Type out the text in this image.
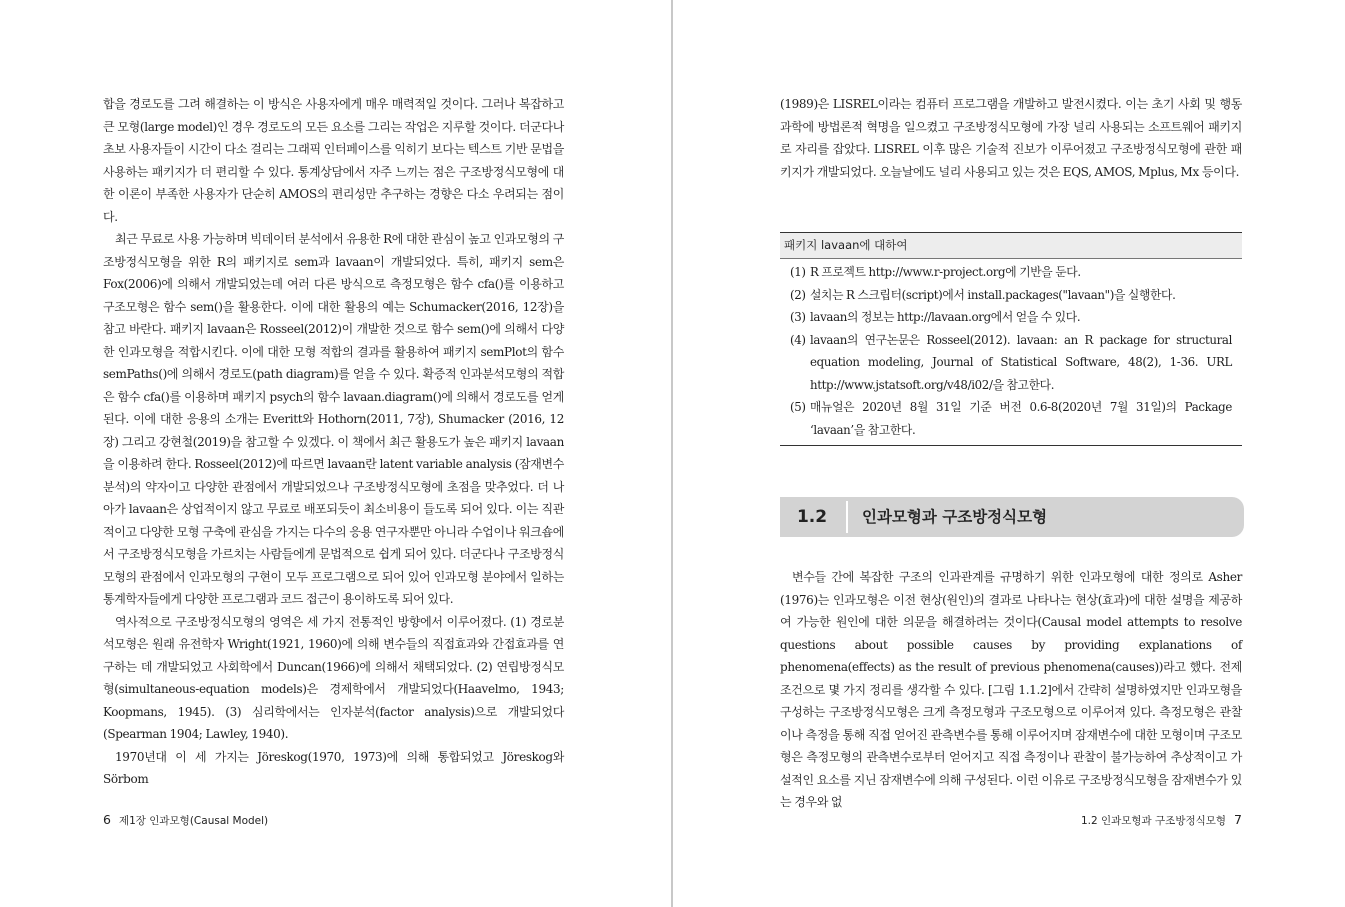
합을 경로도를 그려 해결하는 이 방식은 사용자에게 매우 매력적일 것이다. 그러나 복잡하고 큰 모형(large model)인 경우 경로도의 모든 요소를 그리는 작업은 지루할 것이다. 더군다나 초보 사용자들이 시간이 다소 걸리는 그래픽 인터페이스를 익히기 보다는 텍스트 기반 문법을 사용하는 패키지가 더 편리할 수 있다. 통계상담에서 자주 느끼는 점은 구조방정식모형에 대한 이론이 부족한 사용자가 단순히 AMOS의 편리성만 추구하는 경향은 다소 우려되는 점이다.

최근 무료로 사용 가능하며 빅데이터 분석에서 유용한 R에 대한 관심이 높고 인과모형의 구조방정식모형을 위한 R의 패키지로 sem과 lavaan이 개발되었다. 특히, 패키지 sem은 Fox(2006)에 의해서 개발되었는데 여러 다른 방식으로 측정모형은 함수 cfa()를 이용하고 구조모형은 함수 sem()을 활용한다. 이에 대한 활용의 예는 Schumacker(2016, 12장)을 참고 바란다. 패키지 lavaan은 Rosseel(2012)이 개발한 것으로 함수 sem()에 의해서 다양한 인과모형을 적합시킨다. 이에 대한 모형 적합의 결과를 활용하여 패키지 semPlot의 함수 semPaths()에 의해서 경로도(path diagram)를 얻을 수 있다. 확증적 인과분석모형의 적합은 함수 cfa()를 이용하며 패키지 psych의 함수 lavaan.diagram()에 의해서 경로도를 얻게 된다. 이에 대한 응용의 소개는 Everitt와 Hothorn(2011, 7장), Shumacker (2016, 12장) 그리고 강현철(2019)을 참고할 수 있겠다. 이 책에서 최근 활용도가 높은 패키지 lavaan을 이용하려 한다. Rosseel(2012)에 따르면 lavaan란 latent variable analysis (잠재변수 분석)의 약자이고 다양한 관점에서 개발되었으나 구조방정식모형에 초점을 맞추었다. 더 나아가 lavaan은 상업적이지 않고 무료로 배포되듯이 최소비용이 들도록 되어 있다. 이는 직관적이고 다양한 모형 구축에 관심을 가지는 다수의 응용 연구자뿐만 아니라 수업이나 워크숍에서 구조방정식모형을 가르치는 사람들에게 문법적으로 쉽게 되어 있다. 더군다나 구조방정식모형의 관점에서 인과모형의 구현이 모두 프로그램으로 되어 있어 인과모형 분야에서 일하는 통계학자들에게 다양한 프로그램과 코드 접근이 용이하도록 되어 있다.

역사적으로 구조방정식모형의 영역은 세 가지 전통적인 방향에서 이루어졌다. (1) 경로분석모형은 원래 유전학자 Wright(1921, 1960)에 의해 변수들의 직접효과와 간접효과를 연구하는 데 개발되었고 사회학에서 Duncan(1966)에 의해서 채택되었다. (2) 연립방정식모형(simultaneous-equation models)은 경제학에서 개발되었다(Haavelmo, 1943; Koopmans, 1945). (3) 심리학에서는 인자분석(factor analysis)으로 개발되었다(Spearman 1904; Lawley, 1940).

1970년대 이 세 가지는 Jöreskog(1970, 1973)에 의해 통합되었고 Jöreskog와 Sörbom

6 제1장 인과모형(Causal Model)

(1989)은 LISREL이라는 컴퓨터 프로그램을 개발하고 발전시켰다. 이는 초기 사회 및 행동 과학에 방법론적 혁명을 일으켰고 구조방정식모형에 가장 널리 사용되는 소프트웨어 패키지로 자리를 잡았다. LISREL 이후 많은 기술적 진보가 이루어졌고 구조방정식모형에 관한 패키지가 개발되었다. 오늘날에도 널리 사용되고 있는 것은 EQS, AMOS, Mplus, Mx 등이다.

패키지 lavaan에 대하여
(1) R 프로젝트 http://www.r-project.org에 기반을 둔다.
(2) 설치는 R 스크립터(script)에서 install.packages("lavaan")을 실행한다.
(3) lavaan의 정보는 http://lavaan.org에서 얻을 수 있다.
(4) lavaan의 연구논문은 Rosseel(2012). lavaan: an R package for structural equation modeling, Journal of Statistical Software, 48(2), 1-36. URL http://www.jstatsoft.org/v48/i02/을 참고한다.
(5) 매뉴얼은 2020년 8월 31일 기준 버전 0.6-8(2020년 7월 31일)의 Package ‘lavaan’을 참고한다.
1.2	인과모형과 구조방정식모형

변수들 간에 복잡한 구조의 인과관계를 규명하기 위한 인과모형에 대한 정의로 Asher (1976)는 인과모형은 이전 현상(원인)의 결과로 나타나는 현상(효과)에 대한 설명을 제공하여 가능한 원인에 대한 의문을 해결하려는 것이다(Causal model attempts to resolve questions about possible causes by providing explanations of phenomena(effects) as the result of previous phenomena(causes))라고 했다. 전제조건으로 몇 가지 정리를 생각할 수 있다. [그림 1.1.2]에서 간략히 설명하였지만 인과모형을 구성하는 구조방정식모형은 크게 측정모형과 구조모형으로 이루어져 있다. 측정모형은 관찰이나 측정을 통해 직접 얻어진 관측변수를 통해 이루어지며 잠재변수에 대한 모형이며 구조모형은 측정모형의 관측변수로부터 얻어지고 직접 측정이나 관찰이 불가능하여 추상적이고 가설적인 요소를 지닌 잠재변수에 의해 구성된다. 이런 이유로 구조방정식모형을 잠재변수가 있는 경우와 없

1.2 인과모형과 구조방정식모형 7
